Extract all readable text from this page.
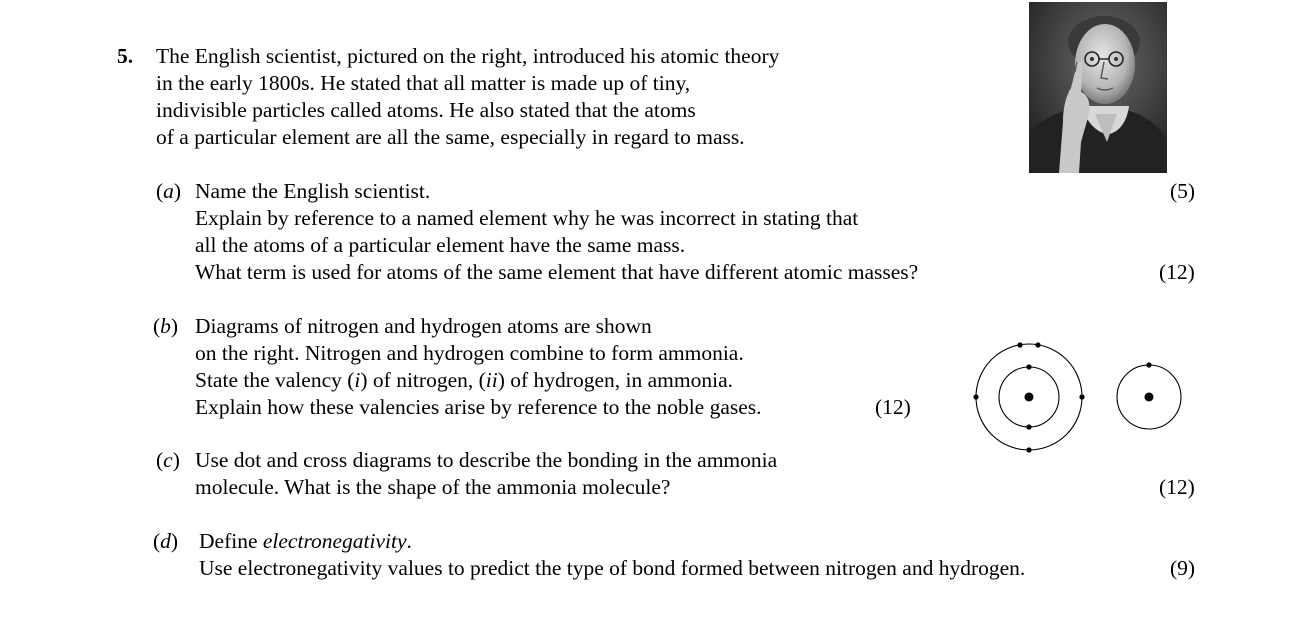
5. The English scientist, pictured on the right, introduced his atomic theory
in the early 1800s. He stated that all matter is made up of tiny,
indivisible particles called atoms. He also stated that the atoms
of a particular element are all the same, especially in regard to mass.
(a) Name the English scientist.	(5)
Explain by reference to a named element why he was incorrect in stating that
all the atoms of a particular element have the same mass.
What term is used for atoms of the same element that have different atomic masses?	(12)
(b) Diagrams of nitrogen and hydrogen atoms are shown
on the right. Nitrogen and hydrogen combine to form ammonia.
State the valency (i) of nitrogen, (ii) of hydrogen, in ammonia.
Explain how these valencies arise by reference to the noble gases.	(12)
(c) Use dot and cross diagrams to describe the bonding in the ammonia
molecule. What is the shape of the ammonia molecule?	(12)
(d) Define electronegativity.
Use electronegativity values to predict the type of bond formed between nitrogen and hydrogen.	(9)
